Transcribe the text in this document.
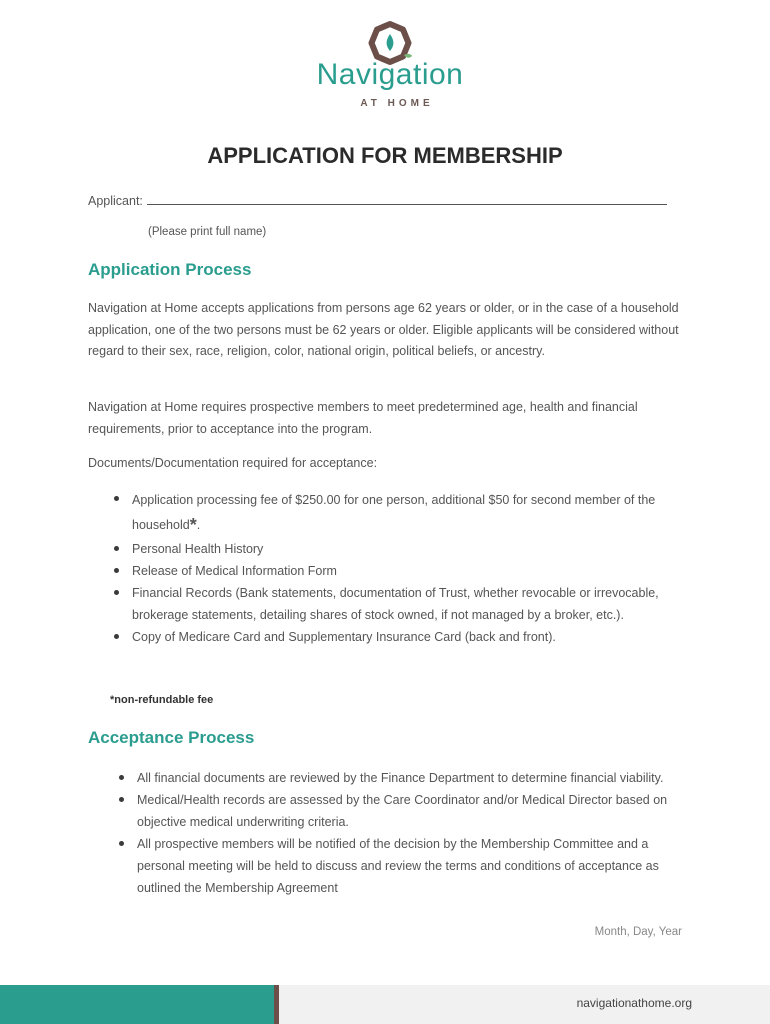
Navigation
AT HOME
APPLICATION FOR MEMBERSHIP
Applicant:
(Please print full name)
Application Process

Navigation at Home accepts applications from persons age 62 years or older, or in the case of a household application, one of the two persons must be 62 years or older. Eligible applicants will be considered without regard to their sex, race, religion, color, national origin, political beliefs, or ancestry.

Navigation at Home requires prospective members to meet predetermined age, health and financial requirements, prior to acceptance into the program.

Documents/Documentation required for acceptance:

Application processing fee of $250.00 for one person, additional $50 for second member of the household*.
Personal Health History
Release of Medical Information Form
Financial Records (Bank statements, documentation of Trust, whether revocable or irrevocable, brokerage statements, detailing shares of stock owned, if not managed by a broker, etc.).
Copy of Medicare Card and Supplementary Insurance Card (back and front).
*non-refundable fee
Acceptance Process
All financial documents are reviewed by the Finance Department to determine financial viability.
Medical/Health records are assessed by the Care Coordinator and/or Medical Director based on objective medical underwriting criteria.
All prospective members will be notified of the decision by the Membership Committee and a personal meeting will be held to discuss and review the terms and conditions of acceptance as outlined the Membership Agreement
Month, Day, Year
navigationathome.org
